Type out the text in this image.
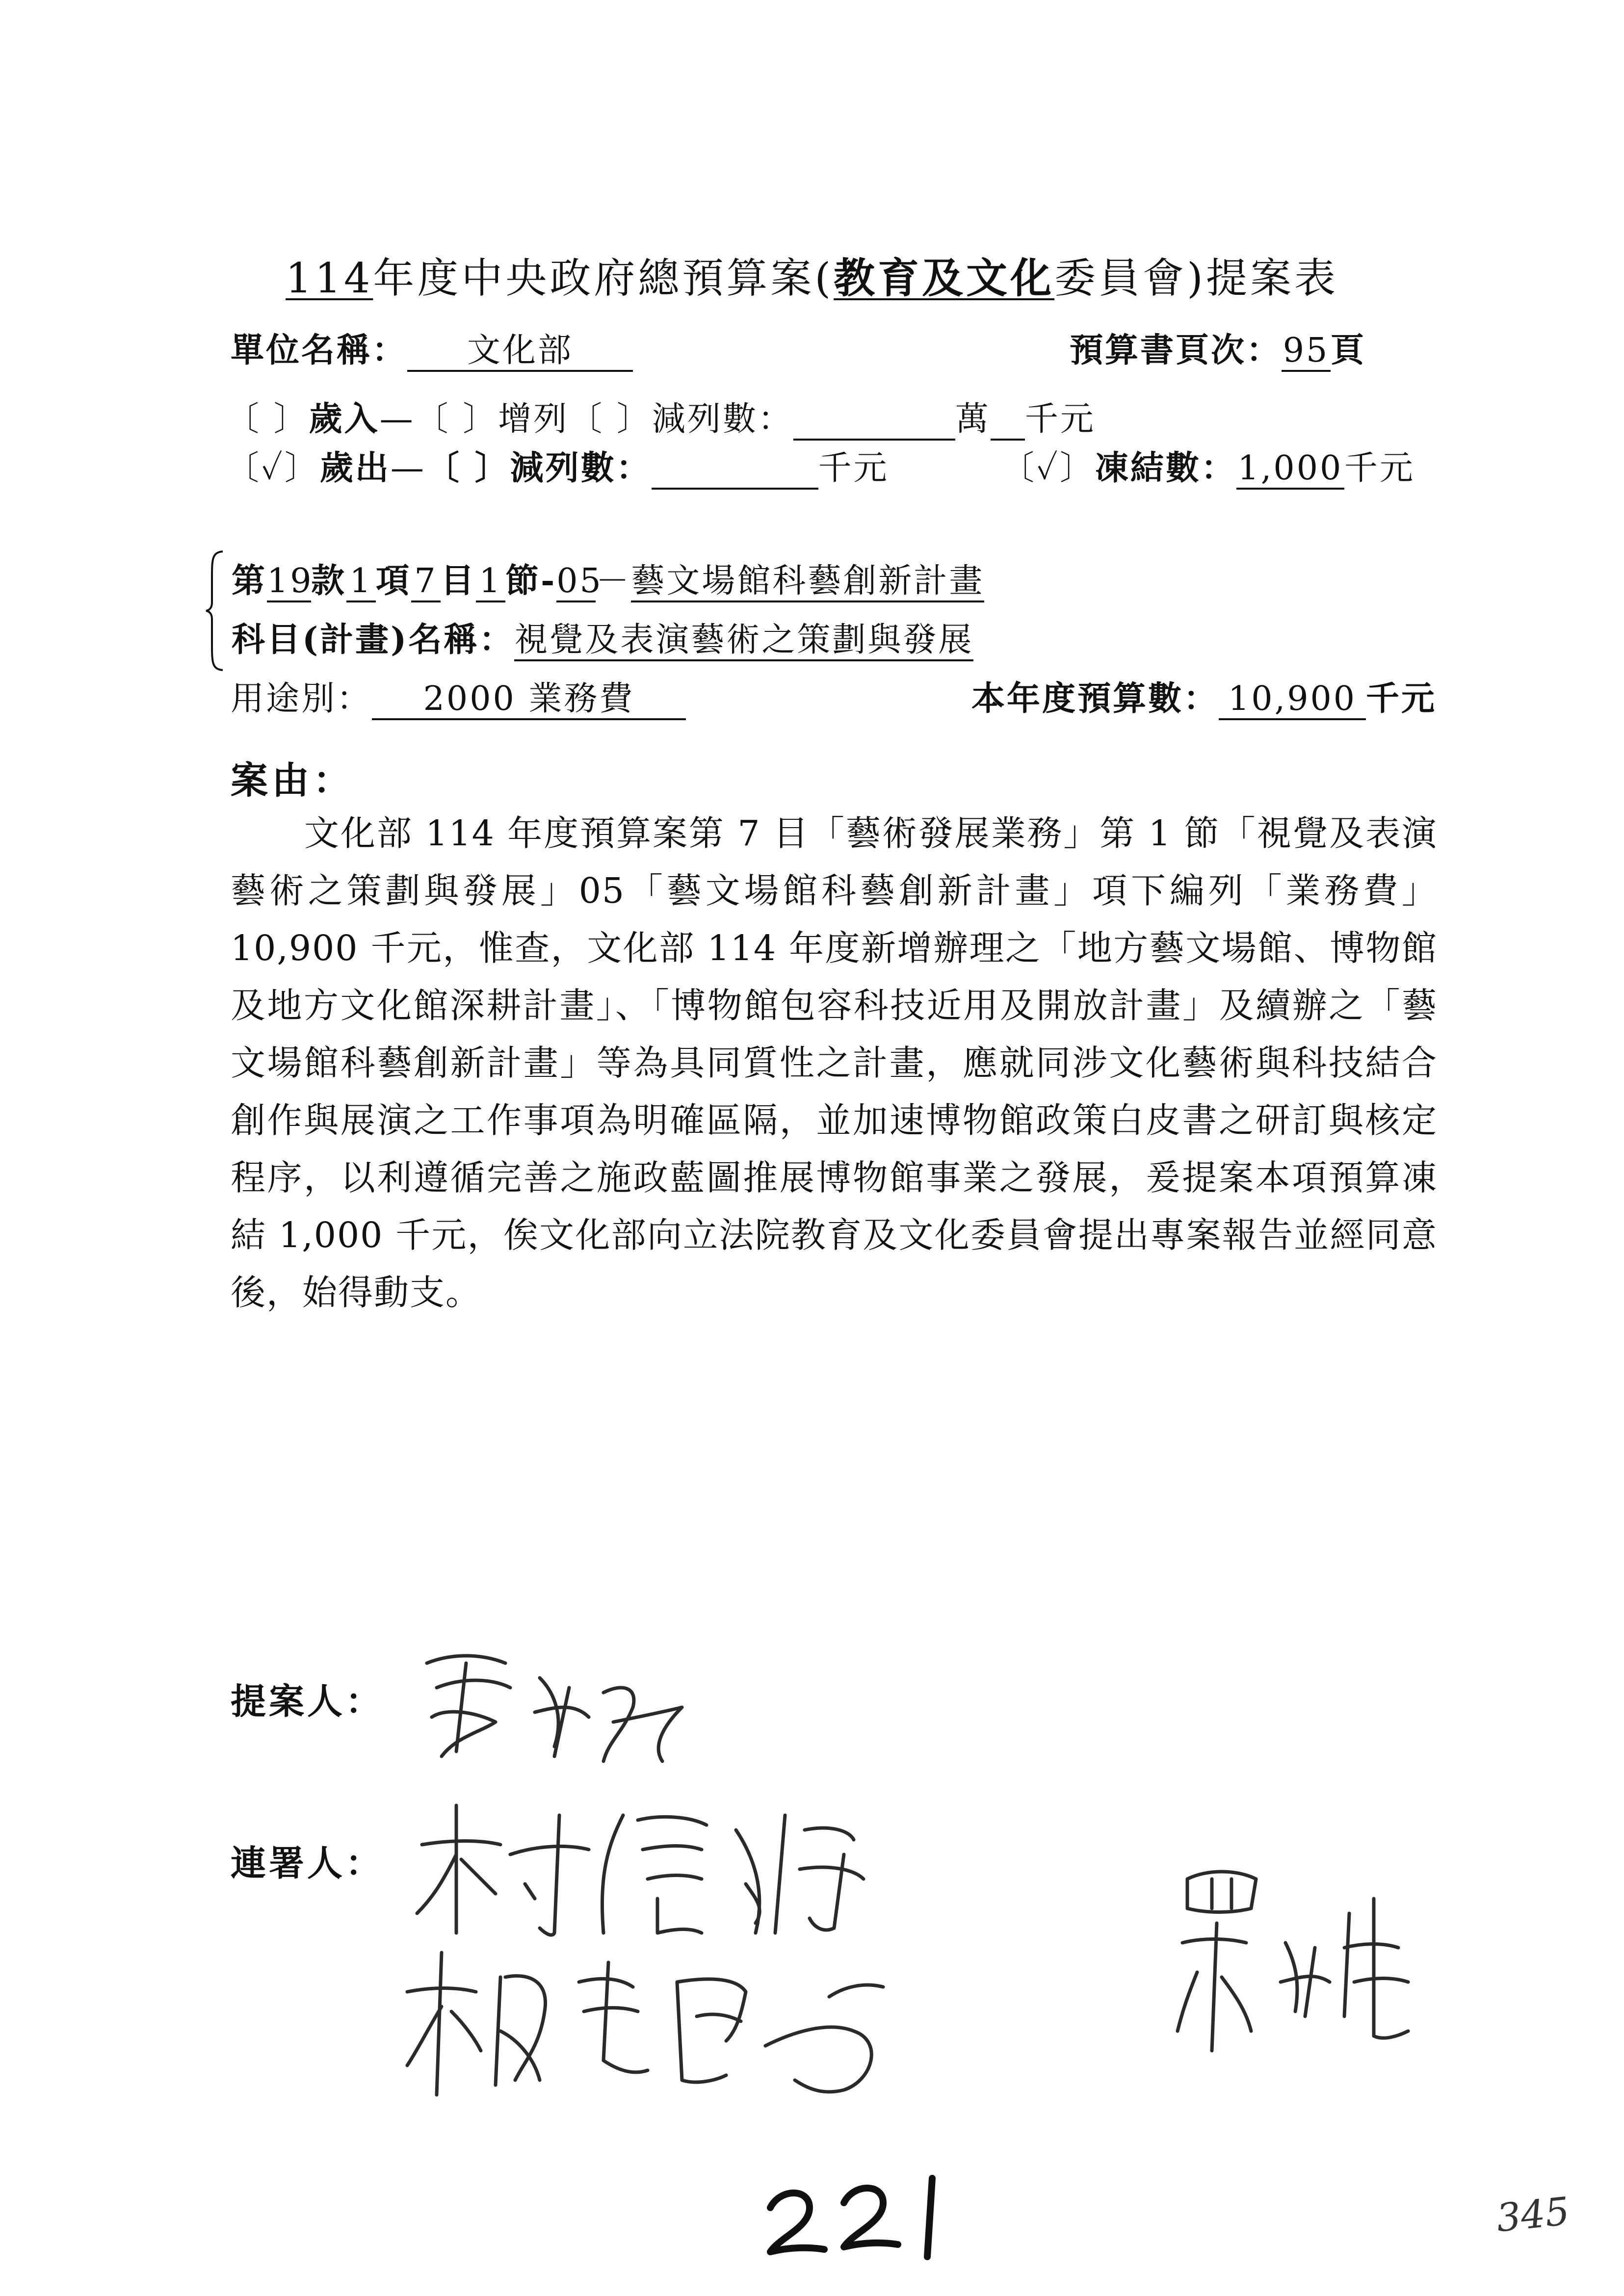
114年度中央政府總預算案(教育及文化委員會)提案表
單位名稱： 文化部	預算書頁次：95頁
〔 〕歲入—〔 〕增列〔 〕減列數：	萬 千元
〔✓〕歲出—〔 〕減列數：	千元	〔✓〕凍結數：1,000千元
第19款1項7目1節-05－藝文場館科藝創新計畫
科目(計畫)名稱：視覺及表演藝術之策劃與發展
用途別： 2000 業務費	本年度預算數： 10,900 千元
案由：
文化部 114 年度預算案第 7 目「藝術發展業務」第 1 節「視覺及表演藝術之策劃與發展」05「藝文場館科藝創新計畫」項下編列「業務費」10,900 千元，惟查，文化部 114 年度新增辦理之「地方藝文場館、博物館及地方文化館深耕計畫」、「博物館包容科技近用及開放計畫」及續辦之「藝文場館科藝創新計畫」等為具同質性之計畫，應就同涉文化藝術與科技結合創作與展演之工作事項為明確區隔，並加速博物館政策白皮書之研訂與核定程序，以利遵循完善之施政藍圖推展博物館事業之發展，爰提案本項預算凍結 1,000 千元，俟文化部向立法院教育及文化委員會提出專案報告並經同意後，始得動支。
提案人：
連署人：
345
